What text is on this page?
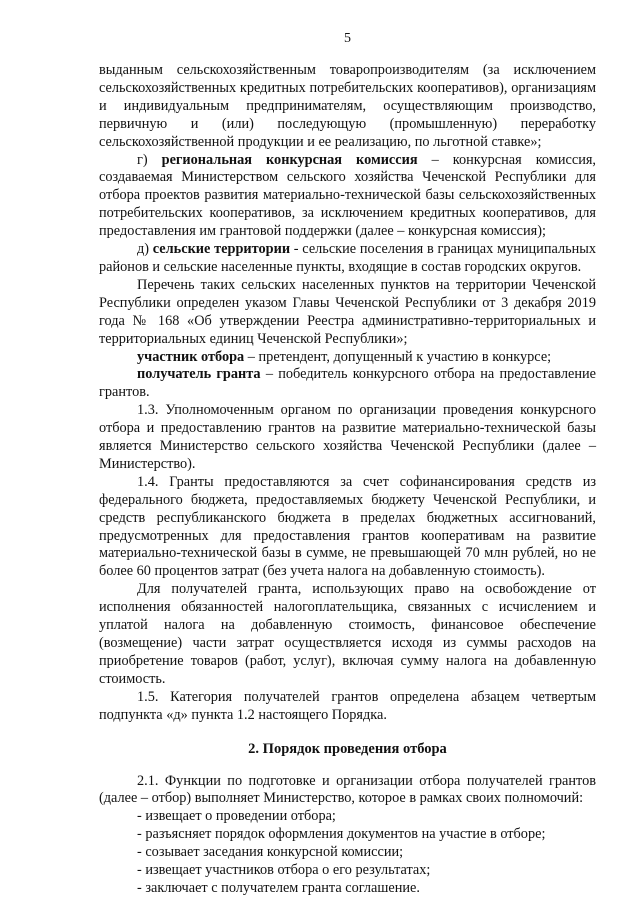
5

выданным сельскохозяйственным товаропроизводителям (за исключением сельскохозяйственных кредитных потребительских кооперативов), организациям и индивидуальным предпринимателям, осуществляющим производство, первичную и (или) последующую (промышленную) переработку сельскохозяйственной продукции и ее реализацию, по льготной ставке»;

г) региональная конкурсная комиссия – конкурсная комиссия, создаваемая Министерством сельского хозяйства Чеченской Республики для отбора проектов развития материально-технической базы сельскохозяйственных потребительских кооперативов, за исключением кредитных кооперативов, для предоставления им грантовой поддержки (далее – конкурсная комиссия);

д) сельские территории - сельские поселения в границах муниципальных районов и сельские населенные пункты, входящие в состав городских округов.

Перечень таких сельских населенных пунктов на территории Чеченской Республики определен указом Главы Чеченской Республики от 3 декабря 2019 года № 168 «Об утверждении Реестра административно-территориальных и территориальных единиц Чеченской Республики»;

участник отбора – претендент, допущенный к участию в конкурсе;

получатель гранта – победитель конкурсного отбора на предоставление грантов.

1.3. Уполномоченным органом по организации проведения конкурсного отбора и предоставлению грантов на развитие материально-технической базы является Министерство сельского хозяйства Чеченской Республики (далее – Министерство).

1.4. Гранты предоставляются за счет софинансирования средств из федерального бюджета, предоставляемых бюджету Чеченской Республики, и средств республиканского бюджета в пределах бюджетных ассигнований, предусмотренных для предоставления грантов кооперативам на развитие материально-технической базы в сумме, не превышающей 70 млн рублей, но не более 60 процентов затрат (без учета налога на добавленную стоимость).

Для получателей гранта, использующих право на освобождение от исполнения обязанностей налогоплательщика, связанных с исчислением и уплатой налога на добавленную стоимость, финансовое обеспечение (возмещение) части затрат осуществляется исходя из суммы расходов на приобретение товаров (работ, услуг), включая сумму налога на добавленную стоимость.

1.5. Категория получателей грантов определена абзацем четвертым подпункта «д» пункта 1.2 настоящего Порядка.

2. Порядок проведения отбора

2.1. Функции по подготовке и организации отбора получателей грантов (далее – отбор) выполняет Министерство, которое в рамках своих полномочий:

- извещает о проведении отбора;
- разъясняет порядок оформления документов на участие в отборе;
- созывает заседания конкурсной комиссии;
- извещает участников отбора о его результатах;
- заключает с получателем гранта соглашение.
